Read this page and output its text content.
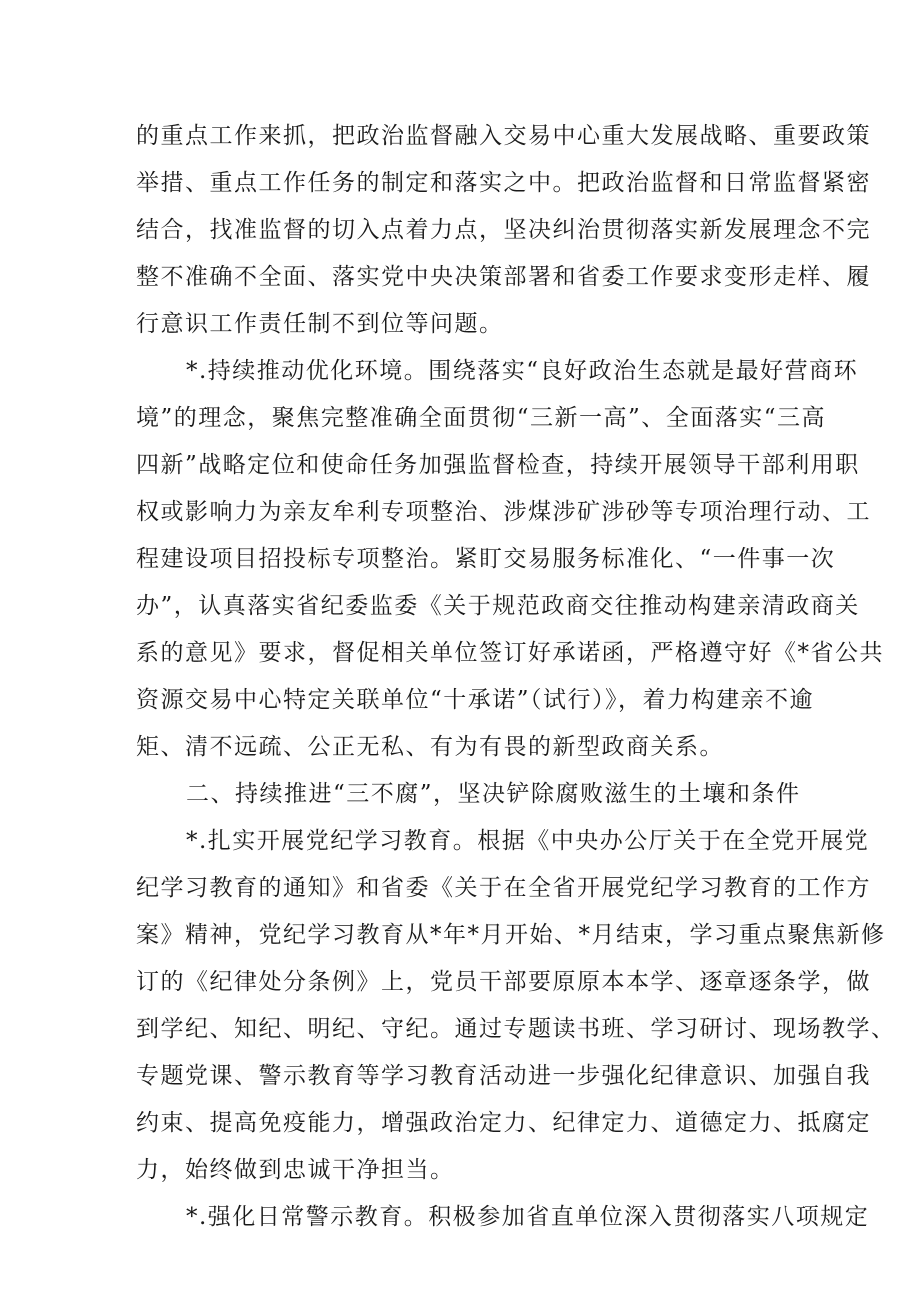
的重点工作来抓，把政治监督融入交易中心重大发展战略、重要政策
举措、重点工作任务的制定和落实之中。把政治监督和日常监督紧密
结合，找准监督的切入点着力点，坚决纠治贯彻落实新发展理念不完
整不准确不全面、落实党中央决策部署和省委工作要求变形走样、履
行意识工作责任制不到位等问题。
*.持续推动优化环境。围绕落实“良好政治生态就是最好营商环
境”的理念，聚焦完整准确全面贯彻“三新一高”、全面落实“三高
四新”战略定位和使命任务加强监督检查，持续开展领导干部利用职
权或影响力为亲友牟利专项整治、涉煤涉矿涉砂等专项治理行动、工
程建设项目招投标专项整治。紧盯交易服务标准化、“一件事一次
办”，认真落实省纪委监委《关于规范政商交往推动构建亲清政商关
系的意见》要求，督促相关单位签订好承诺函，严格遵守好《*省公共
资源交易中心特定关联单位“十承诺”（试行）》，着力构建亲不逾
矩、清不远疏、公正无私、有为有畏的新型政商关系。
二、持续推进“三不腐”，坚决铲除腐败滋生的土壤和条件
*.扎实开展党纪学习教育。根据《中央办公厅关于在全党开展党
纪学习教育的通知》和省委《关于在全省开展党纪学习教育的工作方
案》精神，党纪学习教育从*年*月开始、*月结束，学习重点聚焦新修
订的《纪律处分条例》上，党员干部要原原本本学、逐章逐条学，做
到学纪、知纪、明纪、守纪。通过专题读书班、学习研讨、现场教学、
专题党课、警示教育等学习教育活动进一步强化纪律意识、加强自我
约束、提高免疫能力，增强政治定力、纪律定力、道德定力、抵腐定
力，始终做到忠诚干净担当。
*.强化日常警示教育。积极参加省直单位深入贯彻落实八项规定
